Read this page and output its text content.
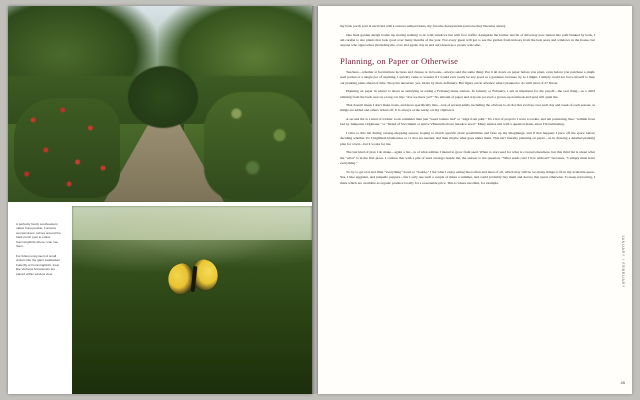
A perfectly hardy southeastern native honeysuckle, Lonicera sempervirens, twines around the back porch post to entice hummingbirds where I can see them.

For fullest enjoyment of small visitors like the giant swallowtail butterfly or hummingbirds, treat like Verbena bonariensis are placed within window view.

my back porch post is encircled with Lonicera sempervirens, my favorite honeysuckle (and one they likewise adore).

One final garden design bonus tip, having nothing to do with windows but with foot traffic: Alongside the former last bit of driveway now turned into path flanked by beds, I am careful to site plants that look good over many months of the year. Not every guest will get to see the garden from indoors from the best seats and windows in the house, but anyone who approaches (including me, over and again, day in and out) deserves a proper welcome.

Planning, on Paper or Otherwise

Teachers—whether at horticulture lectures and classes or in books—always said the same thing: Put it all down on paper before you plant, even before you purchase a single seed packet or a single pot of anything. I quickly came to wonder if I would ever really be any good as a gardener, because try as I might, I simply could not force myself to map out planting plans ahead of time. Shop the nurseries, yes. Order by mail, definitely. But figure out in advance what I planned to do with most of it? Never.

Planning on paper in winter is about as satisfying as eating a February-tinne tomato. In January or February, I am as impatient for the payoff—the real thing—as a child whining from the back seat on a long car trip: "Are we there yet?" No amount of paper and crayons (or even a grown-up notebook and pen) will quiet me.

That doesn't mean I don't make notes, and more specifically lists—lots of several kinds, including the obvious to-do list that evolves over each day and week of each season, as things are added and others ticked off. It is always at the ready, on my clipboard.

A second list is a kind of trickier to-do reminder than just "weed tomato bed" or "edge front path." It's a list of projects I want to tackle, and am pondering, like: "rethink front bed by Juniperus virginiana," or "island of Vaccinium or native Viburnum above meadow area?" Many entries end with a question mark, since I'm ruminating.

I refer to this list during catalog-shopping season, hoping to match specific plant possibilities and fires up my imaginings, and if that happens I pace off the space before deciding whether it's 3 highbush blueberries or 11 that are needed, and then maybe what goes under them. This isn't literally planning on paper—as in drawing a detailed planting plan for a bed—but it works for me.

The last kind of plan I do make—again a list—is of what edibles I intend to grow from seed. When to start seed for what is covered elsewhere, but this third list is about what the "what" is in the first place. I confess that with a pile of seed catalogs beside me, the answer to the question, "What seeds can't I live without?" becomes, "I simply must have everything."

To try to get real and filter "everything" down to "doable," I list what I enjoy eating most often and most of all, which may still be too many things to fit in my available space. Yes, I like eggplant, and jalapeño peppers—but I only use such a couple of times a summer, and could probably buy them and devote that space otherwise. To keep narrowing, I mark which are available as organic produce locally for a reasonable price. This is where zucchini, for example,

JANUARY / FEBRUARY
45
